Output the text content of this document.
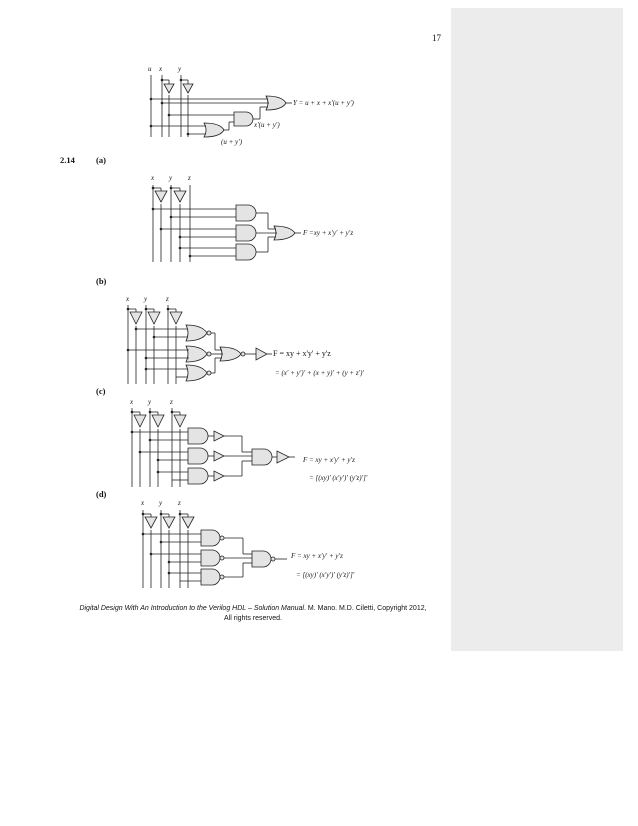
17
u x y
Y = u + x + x′(u + y′)
x′(u + y′)
(u + y′)
2.14 (a)
(b)
(c)
(d)
x y z
F =xy + x′y′ + y′z
x y	z
F = xy + x'y' + y'z
= (x′ + y′)′ + (x + y)′ + (y + z′)′
x y	z
F = xy + x′y′ + y′z
= [(xy)′ (x′y′)′ (y′z)′]′
x y z
F = xy + x′y′ + y′z
= [(xy)′ (x′y′)′ (y′z)′]′
Digital Design With An Introduction to the Verilog HDL – Solution Manual. M. Mano. M.D. Ciletti, Copyright 2012,
All rights reserved.
